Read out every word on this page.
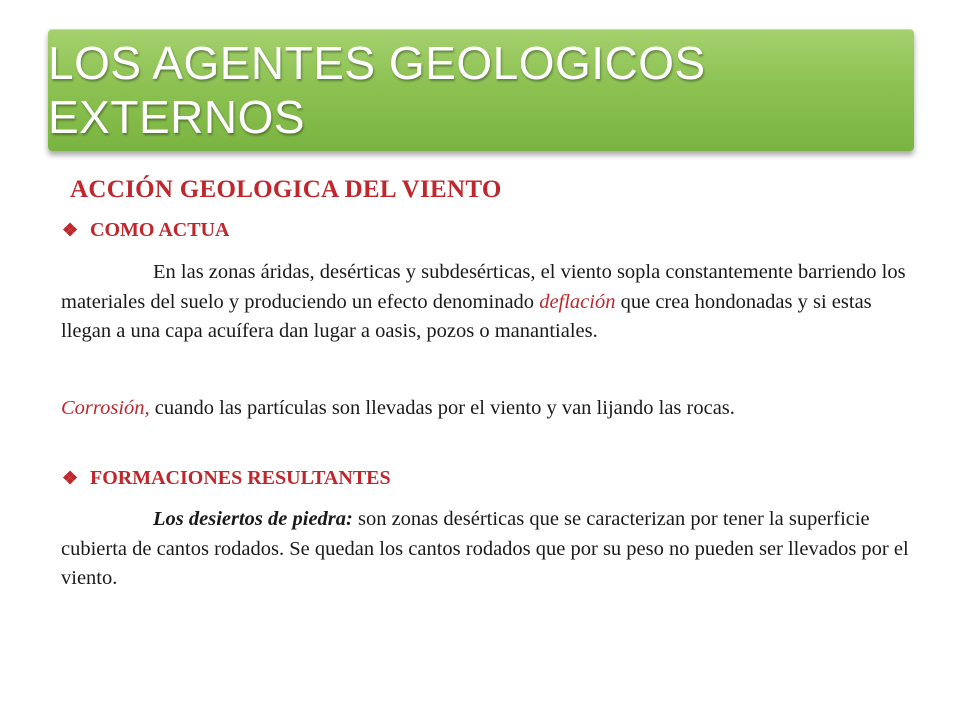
LOS AGENTES GEOLOGICOS EXTERNOS
ACCIÓN GEOLOGICA DEL VIENTO
❖ COMO ACTUA
En las zonas áridas, desérticas y subdesérticas, el viento sopla constantemente barriendo los materiales del suelo y produciendo un efecto denominado deflación que crea hondonadas y si estas llegan a una capa acuífera dan lugar a oasis, pozos o manantiales.
Corrosión, cuando las partículas son llevadas por el viento y van lijando las rocas.
❖ FORMACIONES RESULTANTES
Los desiertos de piedra: son zonas desérticas que se caracterizan por tener la superficie cubierta de cantos rodados. Se quedan los cantos rodados que por su peso no pueden ser llevados por el viento.
